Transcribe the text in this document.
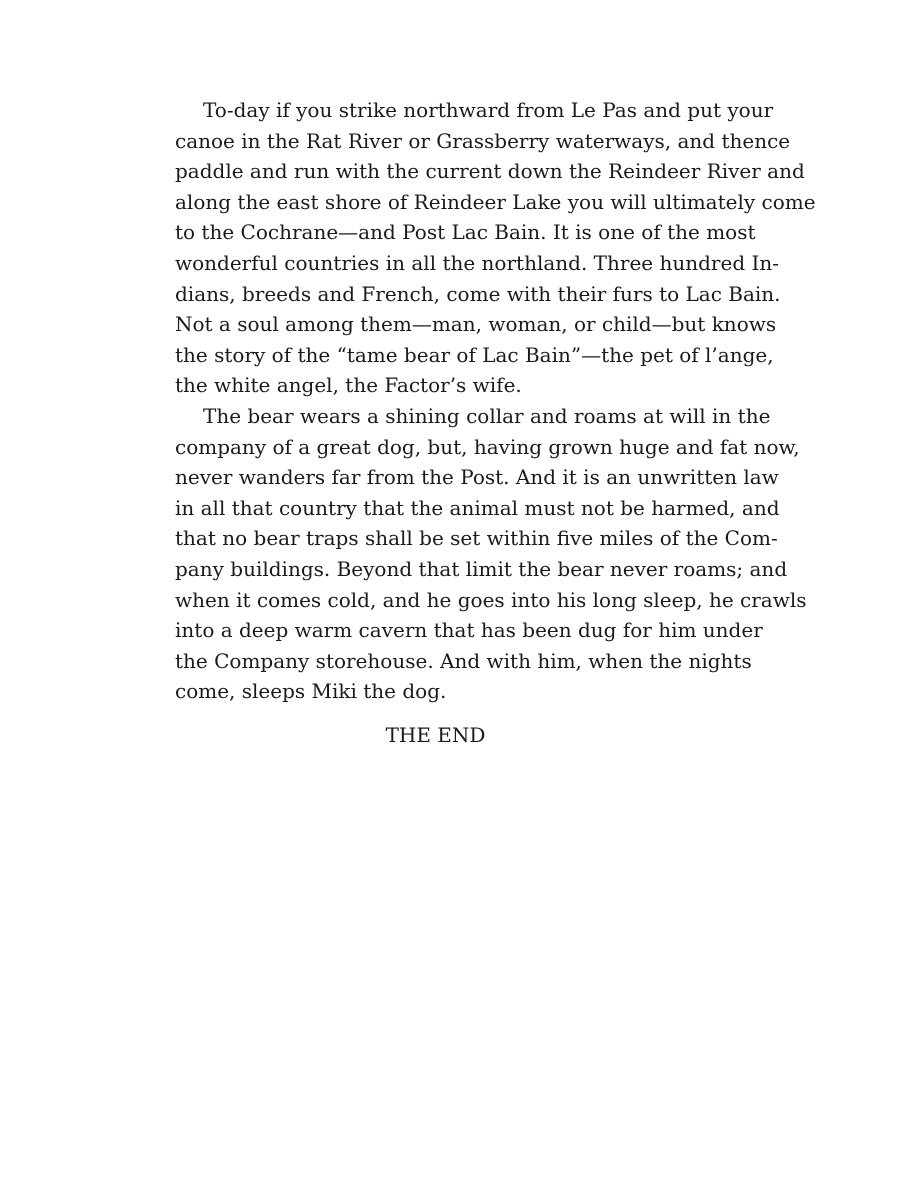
To-day if you strike northward from Le Pas and put your
canoe in the Rat River or Grassberry waterways, and thence
paddle and run with the current down the Reindeer River and
along the east shore of Reindeer Lake you will ultimately come
to the Cochrane—and Post Lac Bain. It is one of the most
wonderful countries in all the northland. Three hundred In-
dians, breeds and French, come with their furs to Lac Bain.
Not a soul among them—man, woman, or child—but knows
the story of the “tame bear of Lac Bain”—the pet of l’ange,
the white angel, the Factor’s wife.
The bear wears a shining collar and roams at will in the
company of a great dog, but, having grown huge and fat now,
never wanders far from the Post. And it is an unwritten law
in all that country that the animal must not be harmed, and
that no bear traps shall be set within five miles of the Com-
pany buildings. Beyond that limit the bear never roams; and
when it comes cold, and he goes into his long sleep, he crawls
into a deep warm cavern that has been dug for him under
the Company storehouse. And with him, when the nights
come, sleeps Miki the dog.
THE END
